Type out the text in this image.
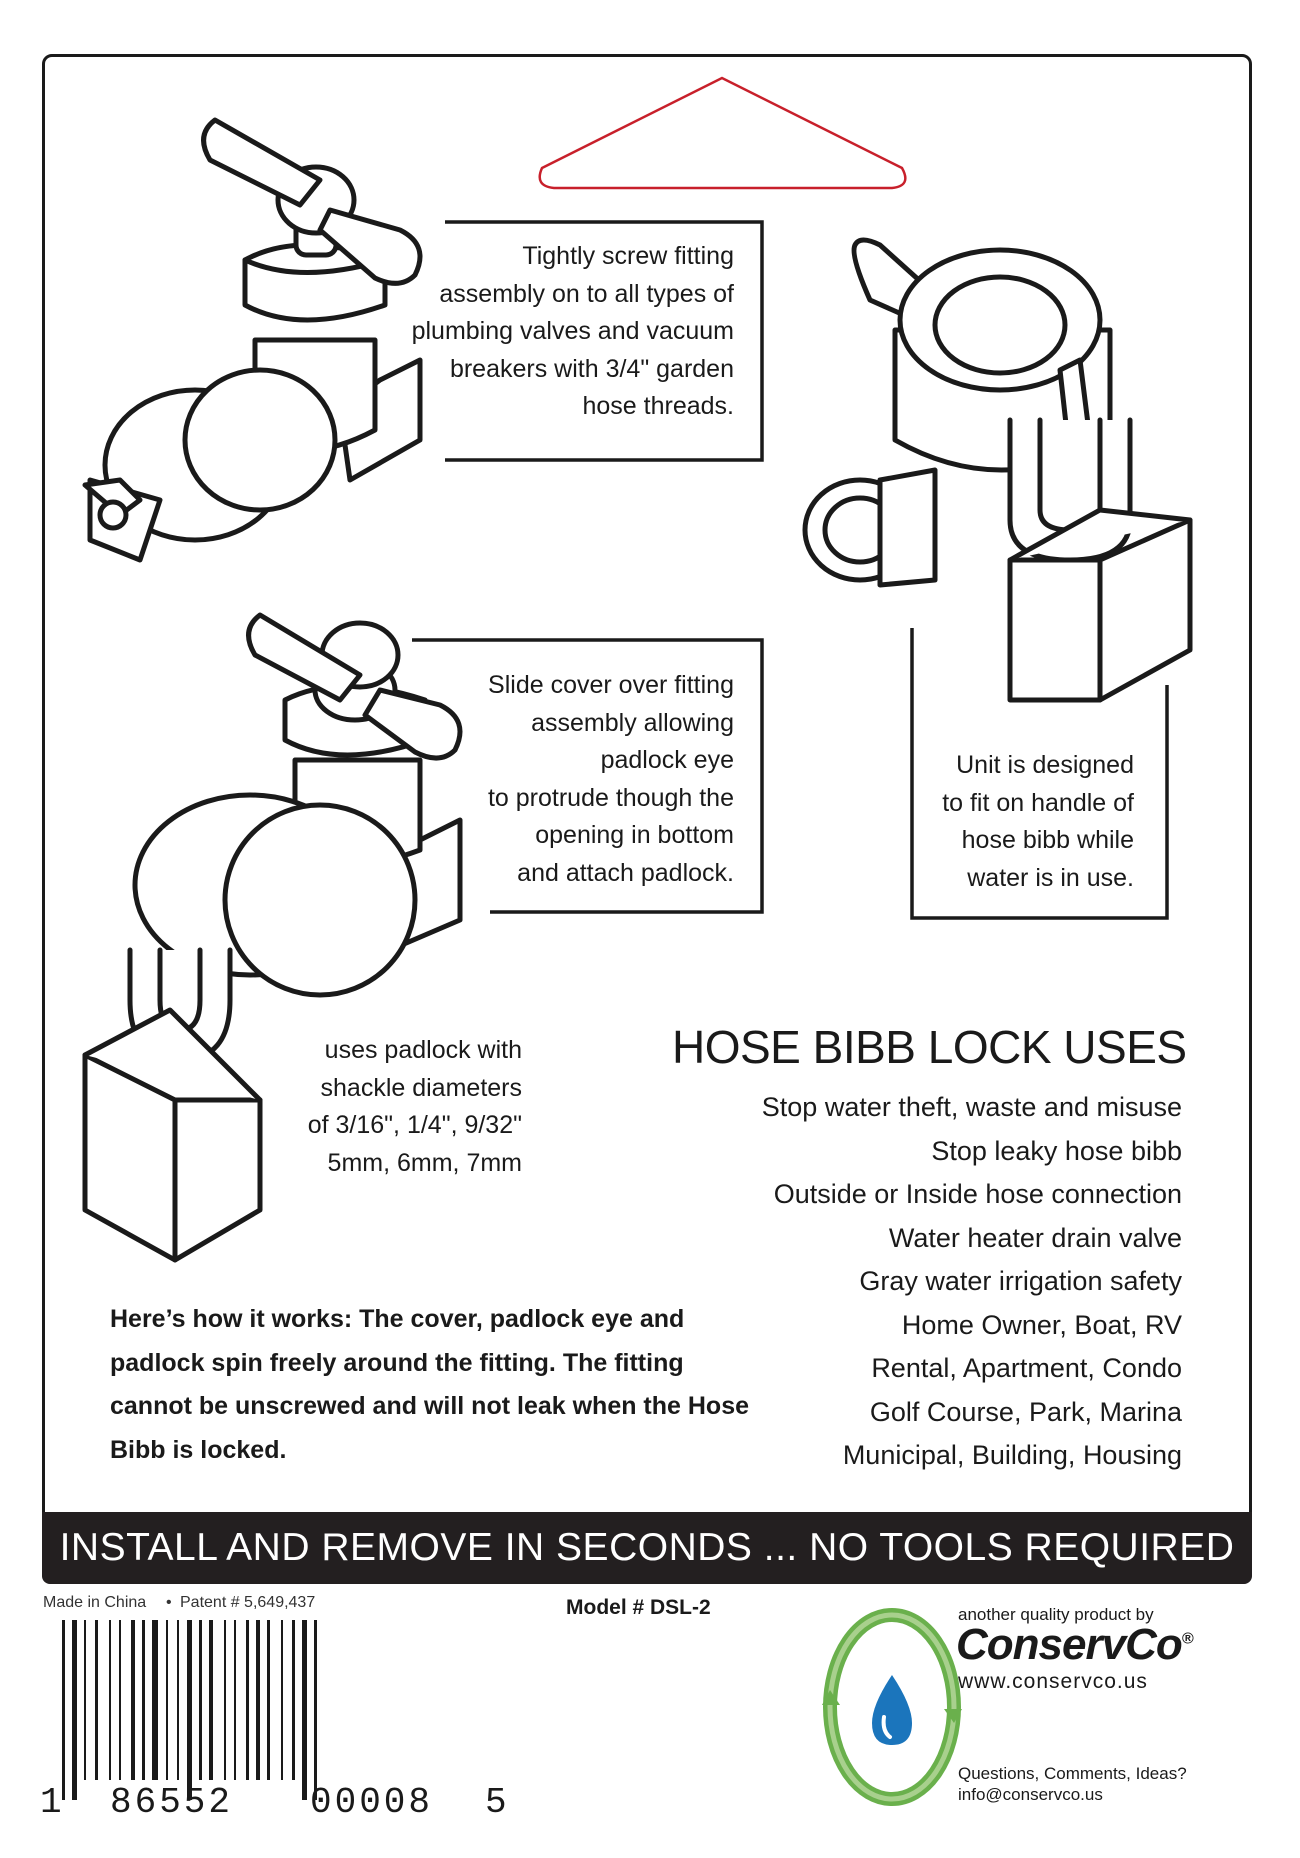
Tightly screw fitting
assembly on to all types of
plumbing valves and vacuum
breakers with 3/4" garden
hose threads.
Slide cover over fitting
assembly allowing
padlock eye
to protrude though the
opening in bottom
and attach padlock.
Unit is designed
to fit on handle of
hose bibb while
water is in use.
uses padlock with
shackle diameters
of 3/16", 1/4", 9/32"
5mm, 6mm, 7mm
HOSE BIBB LOCK USES
Stop water theft, waste and misuse
Stop leaky hose bibb
Outside or Inside hose connection
Water heater drain valve
Gray water irrigation safety
Home Owner, Boat, RV
Rental, Apartment, Condo
Golf Course, Park, Marina
Municipal, Building, Housing
Here’s how it works: The cover, padlock eye and padlock spin freely around the fitting. The fitting cannot be unscrewed and will not leak when the Hose Bibb is locked.
INSTALL AND REMOVE IN SECONDS ... NO TOOLS REQUIRED
Made in China • Patent # 5,649,437	Model # DSL-2
1 86552 00008 5
another quality product by
ConservCo®
www.conservco.us
Questions, Comments, Ideas?
info@conservco.us
